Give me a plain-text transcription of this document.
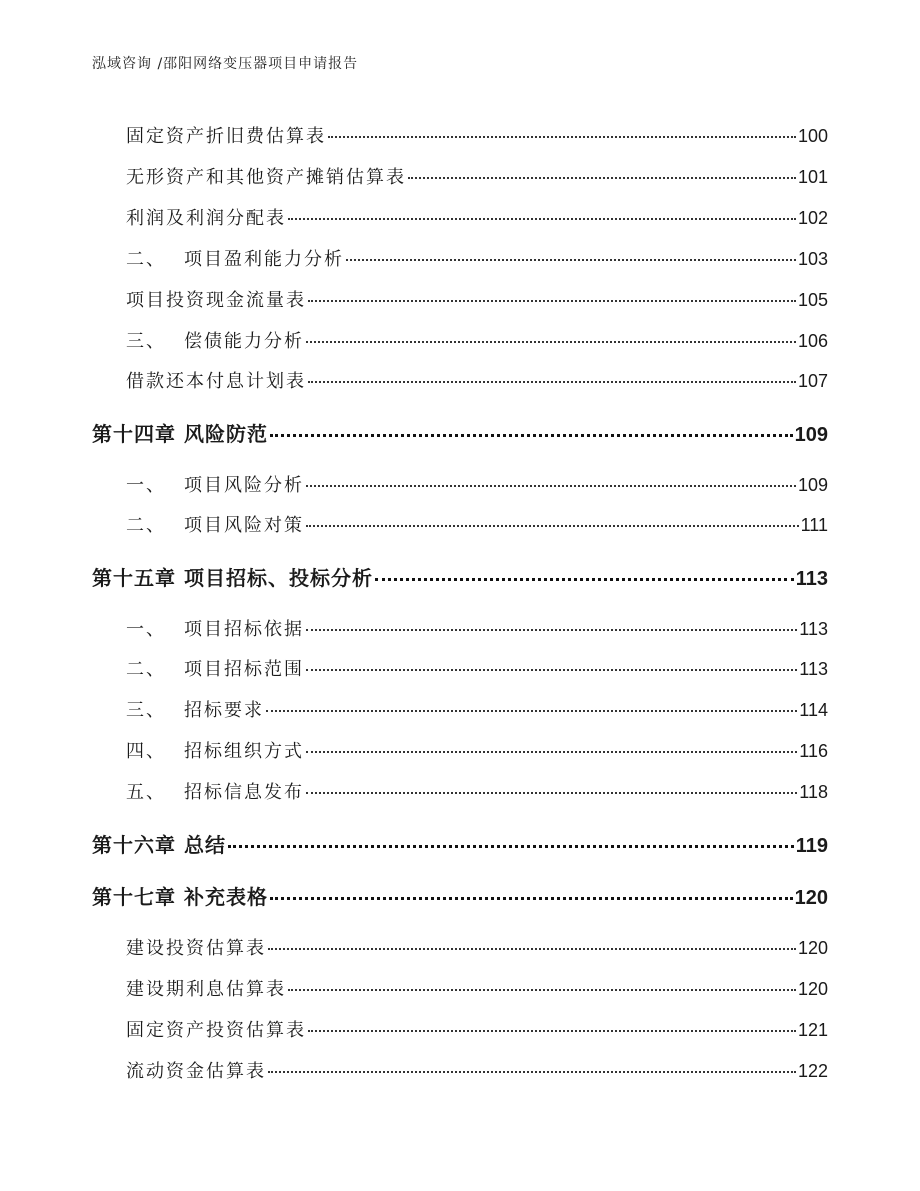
泓域咨询 /邵阳网络变压器项目申请报告
固定资产折旧费估算表	100
无形资产和其他资产摊销估算表	101
利润及利润分配表	102
二、 项目盈利能力分析	103
项目投资现金流量表	105
三、 偿债能力分析	106
借款还本付息计划表	107
第十四章 风险防范	109
一、 项目风险分析	109
二、 项目风险对策	111
第十五章 项目招标、投标分析	113
一、 项目招标依据	113
二、 项目招标范围	113
三、 招标要求	114
四、 招标组织方式	116
五、 招标信息发布	118
第十六章 总结	119
第十七章 补充表格	120
建设投资估算表	120
建设期利息估算表	120
固定资产投资估算表	121
流动资金估算表	122
